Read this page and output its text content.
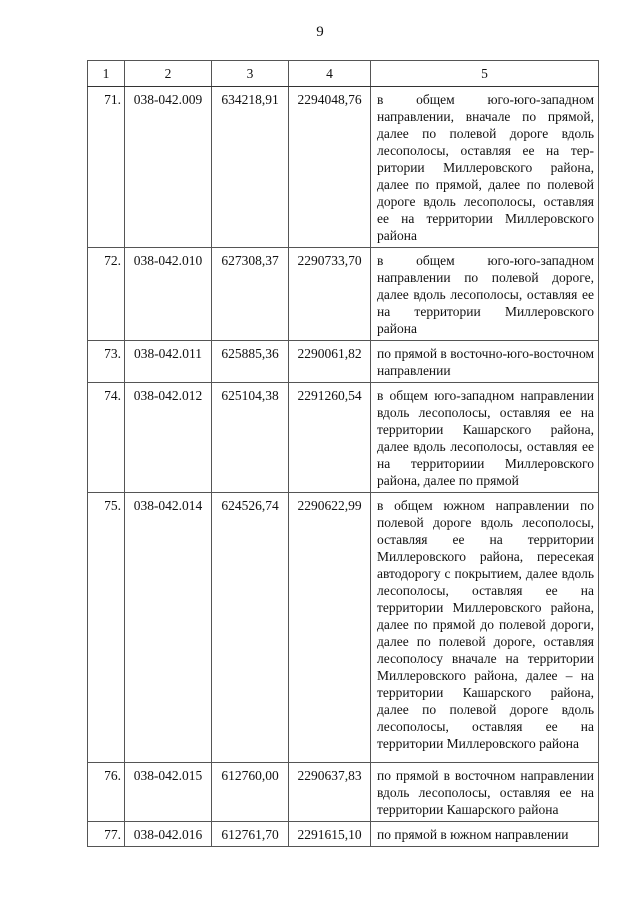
9
1	2	3	4	5
71.	038-042.009	634218,91	2294048,76	в общем юго-юго-западном направлении, вначале по прямой, далее по полевой дороге вдоль лесополосы, оставляя ее на территории Миллеровского района, далее по прямой, далее по полевой дороге вдоль лесополосы, оставляя ее на территории Миллеровского района
72.	038-042.010	627308,37	2290733,70	в общем юго-юго-западном направлении по полевой дороге, далее вдоль лесополосы, оставляя ее на территории Миллеровского района
73.	038-042.011	625885,36	2290061,82	по прямой в восточно-юго-восточном направлении
74.	038-042.012	625104,38	2291260,54	в общем юго-западном направлении вдоль лесополосы, оставляя ее на территории Кашарского района, далее вдоль лесополосы, оставляя ее на территориии Миллеровского района, далее по прямой
75.	038-042.014	624526,74	2290622,99	в общем южном направлении по полевой дороге вдоль лесополосы, оставляя ее на территории Миллеровского района, пересекая автодорогу с покрытием, далее вдоль лесополосы, оставляя ее на территории Миллеровского района, далее по прямой до полевой дороги, далее по полевой дороге, оставляя лесополосу вначале на территории Миллеровского района, далее – на территории Кашарского района, далее по полевой дороге вдоль лесополосы, оставляя ее на территории Миллеровского района
76.	038-042.015	612760,00	2290637,83	по прямой в восточном направлении вдоль лесополосы, оставляя ее на территории Кашарского района
77.	038-042.016	612761,70	2291615,10	по прямой в южном направлении
